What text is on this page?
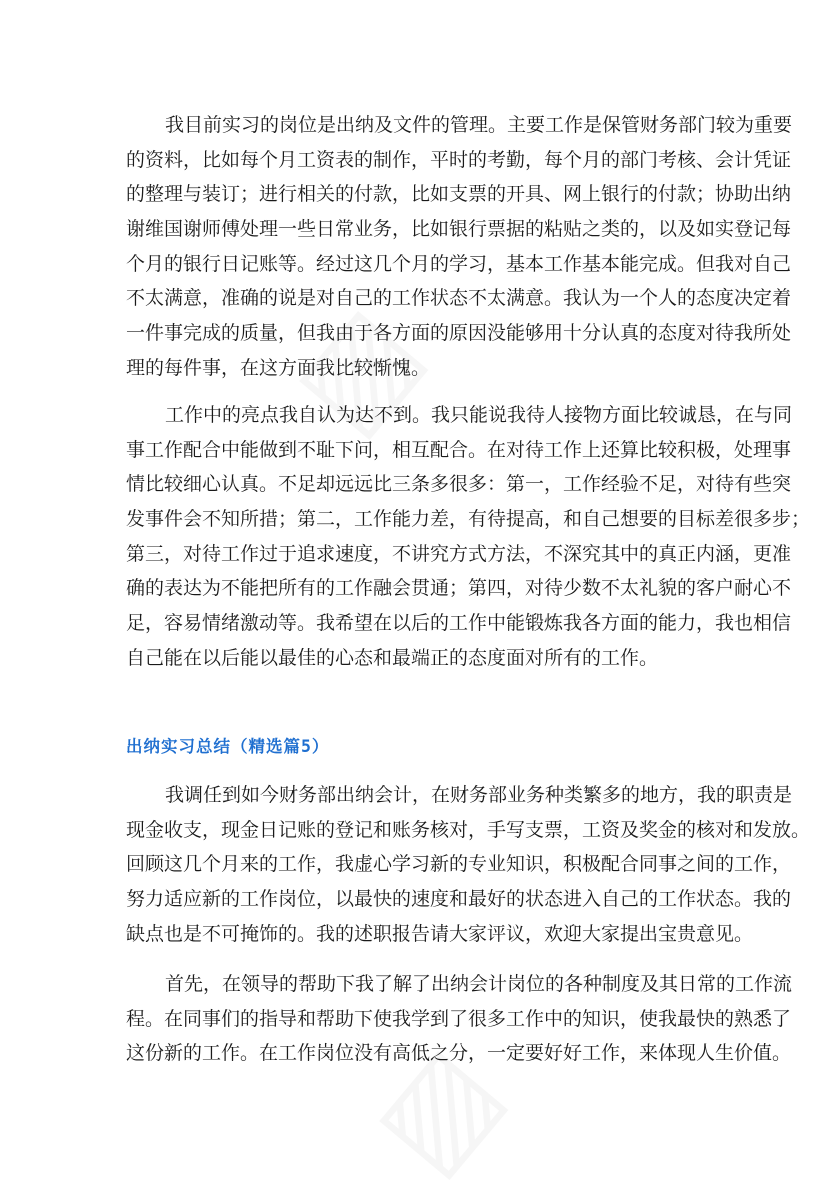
我目前实习的岗位是出纳及文件的管理。主要工作是保管财务部门较为重要
的资料，比如每个月工资表的制作，平时的考勤，每个月的部门考核、会计凭证
的整理与装订；进行相关的付款，比如支票的开具、网上银行的付款；协助出纳
谢维国谢师傅处理一些日常业务，比如银行票据的粘贴之类的，以及如实登记每
个月的银行日记账等。经过这几个月的学习，基本工作基本能完成。但我对自己
不太满意，准确的说是对自己的工作状态不太满意。我认为一个人的态度决定着
一件事完成的质量，但我由于各方面的原因没能够用十分认真的态度对待我所处
理的每件事，在这方面我比较惭愧。
工作中的亮点我自认为达不到。我只能说我待人接物方面比较诚恳，在与同
事工作配合中能做到不耻下问，相互配合。在对待工作上还算比较积极，处理事
情比较细心认真。不足却远远比三条多很多：第一，工作经验不足，对待有些突
发事件会不知所措；第二，工作能力差，有待提高，和自己想要的目标差很多步；
第三，对待工作过于追求速度，不讲究方式方法，不深究其中的真正内涵，更准
确的表达为不能把所有的工作融会贯通；第四，对待少数不太礼貌的客户耐心不
足，容易情绪激动等。我希望在以后的工作中能锻炼我各方面的能力，我也相信
自己能在以后能以最佳的心态和最端正的态度面对所有的工作。
出纳实习总结（精选篇5）
我调任到如今财务部出纳会计，在财务部业务种类繁多的地方，我的职责是
现金收支，现金日记账的登记和账务核对，手写支票，工资及奖金的核对和发放。
回顾这几个月来的工作，我虚心学习新的专业知识，积极配合同事之间的工作，
努力适应新的工作岗位，以最快的速度和最好的状态进入自己的工作状态。我的
缺点也是不可掩饰的。我的述职报告请大家评议，欢迎大家提出宝贵意见。
首先，在领导的帮助下我了解了出纳会计岗位的各种制度及其日常的工作流
程。在同事们的指导和帮助下使我学到了很多工作中的知识，使我最快的熟悉了
这份新的工作。在工作岗位没有高低之分，一定要好好工作，来体现人生价值。
